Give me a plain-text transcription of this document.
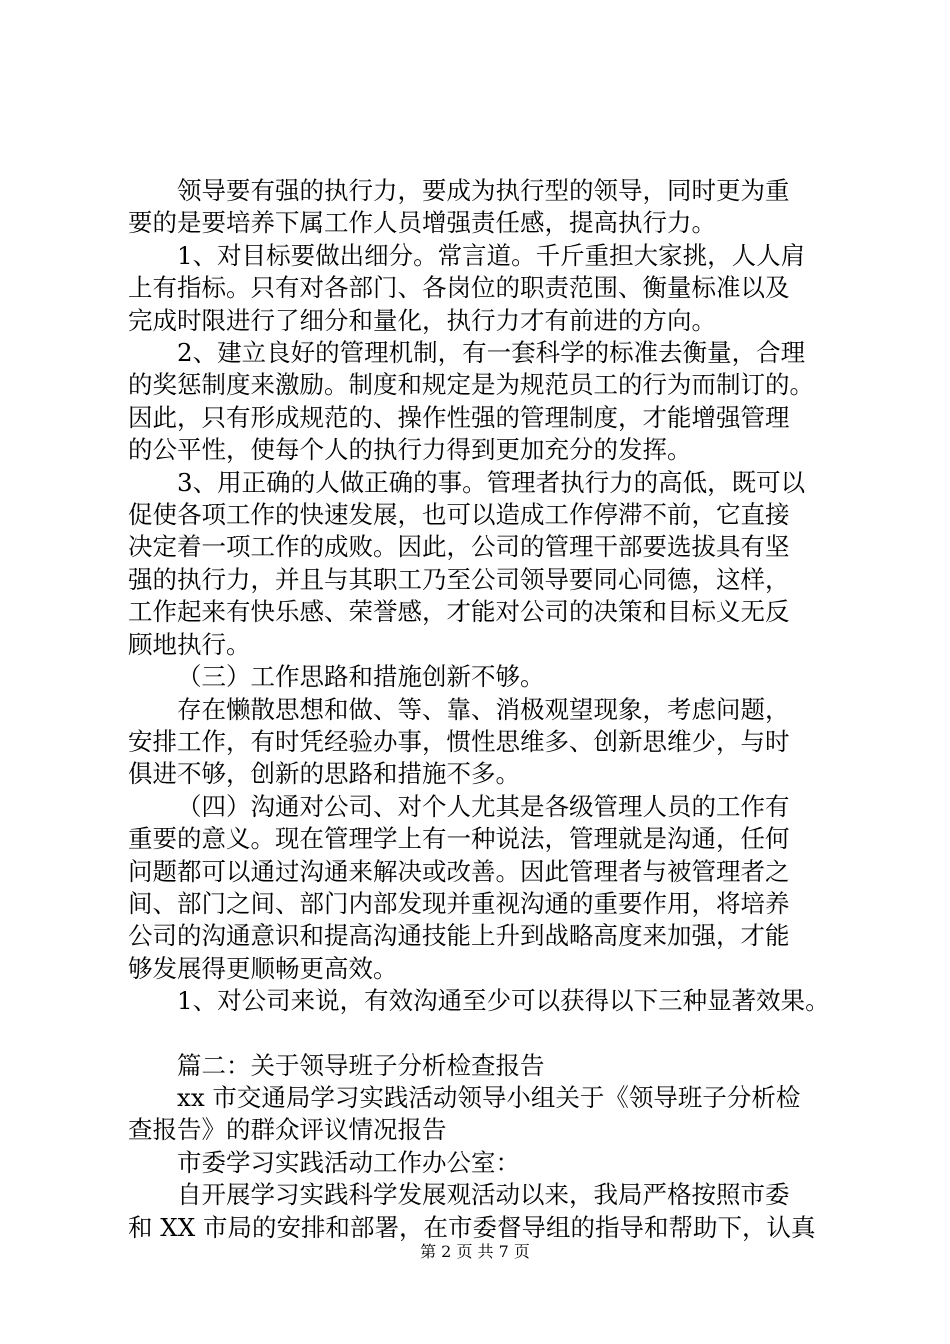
领导要有强的执行力，要成为执行型的领导，同时更为重
要的是要培养下属工作人员增强责任感，提高执行力。
1、对目标要做出细分。常言道。千斤重担大家挑，人人肩
上有指标。只有对各部门、各岗位的职责范围、衡量标准以及
完成时限进行了细分和量化，执行力才有前进的方向。
2、建立良好的管理机制，有一套科学的标准去衡量，合理
的奖惩制度来激励。制度和规定是为规范员工的行为而制订的。
因此，只有形成规范的、操作性强的管理制度，才能增强管理
的公平性，使每个人的执行力得到更加充分的发挥。
3、用正确的人做正确的事。管理者执行力的高低，既可以
促使各项工作的快速发展，也可以造成工作停滞不前，它直接
决定着一项工作的成败。因此，公司的管理干部要选拔具有坚
强的执行力，并且与其职工乃至公司领导要同心同德，这样，
工作起来有快乐感、荣誉感，才能对公司的决策和目标义无反
顾地执行。
（三）工作思路和措施创新不够。
存在懒散思想和做、等、靠、消极观望现象，考虑问题，
安排工作，有时凭经验办事，惯性思维多、创新思维少，与时
俱进不够，创新的思路和措施不多。
（四）沟通对公司、对个人尤其是各级管理人员的工作有
重要的意义。现在管理学上有一种说法，管理就是沟通，任何
问题都可以通过沟通来解决或改善。因此管理者与被管理者之
间、部门之间、部门内部发现并重视沟通的重要作用，将培养
公司的沟通意识和提高沟通技能上升到战略高度来加强，才能
够发展得更顺畅更高效。
1、对公司来说，有效沟通至少可以获得以下三种显著效果。
篇二：关于领导班子分析检查报告
xx 市交通局学习实践活动领导小组关于《领导班子分析检
查报告》的群众评议情况报告
市委学习实践活动工作办公室：
自开展学习实践科学发展观活动以来，我局严格按照市委
和 XX 市局的安排和部署，在市委督导组的指导和帮助下，认真
第 2 页 共 7 页
